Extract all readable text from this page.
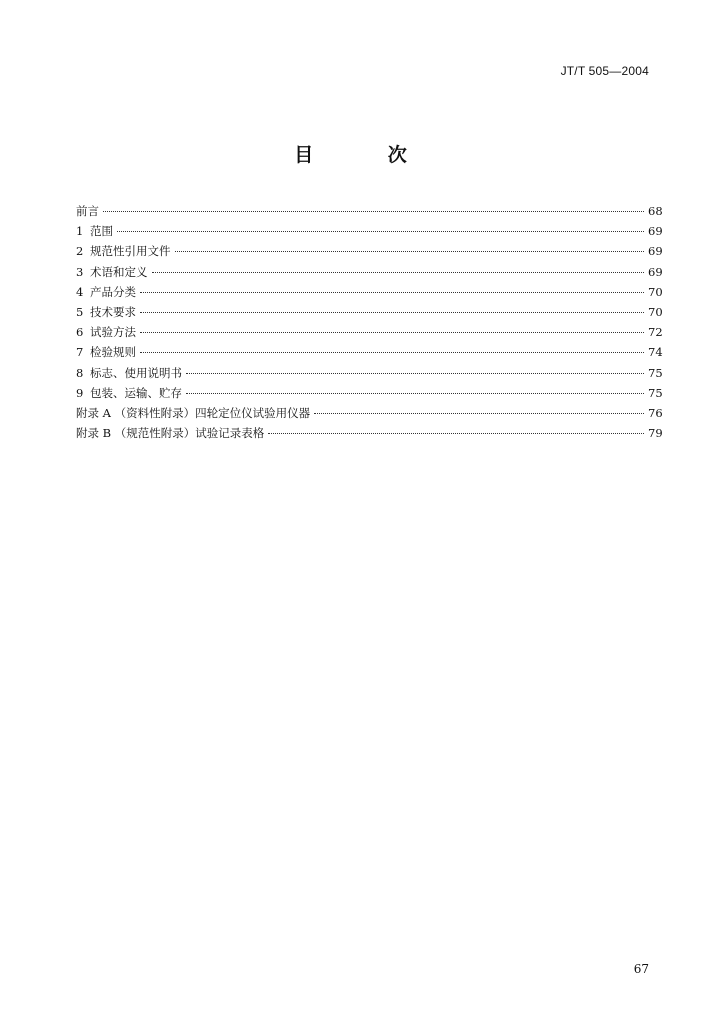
JT/T 505—2004
目 次
前言	68
1 范围	69
2 规范性引用文件	69
3 术语和定义	69
4 产品分类	70
5 技术要求	70
6 试验方法	72
7 检验规则	74
8 标志、使用说明书	75
9 包装、运输、贮存	75
附录 A （资料性附录）四轮定位仪试验用仪器	76
附录 B （规范性附录）试验记录表格	79
67
